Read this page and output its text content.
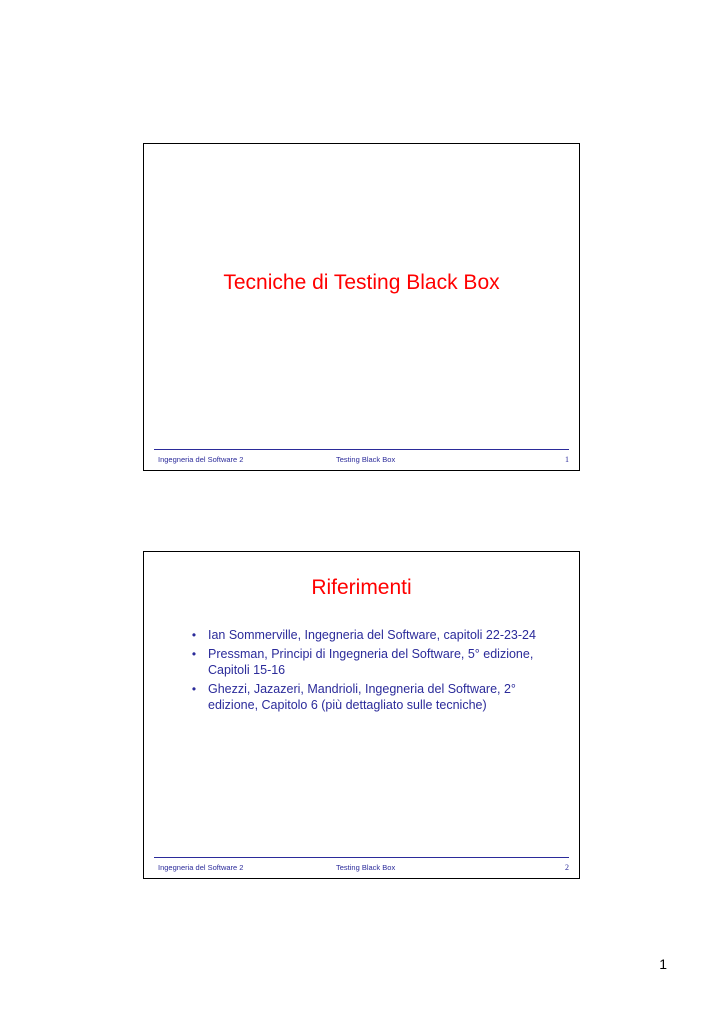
Tecniche di Testing Black Box
Ingegneria del Software 2	Testing Black Box	1
Riferimenti
• Ian Sommerville, Ingegneria del Software, capitoli 22-23-24
• Pressman, Principi di Ingegneria del Software, 5° edizione, Capitoli 15-16
• Ghezzi, Jazazeri, Mandrioli, Ingegneria del Software, 2° edizione, Capitolo 6 (più dettagliato sulle tecniche)
Ingegneria del Software 2	Testing Black Box	2
1
